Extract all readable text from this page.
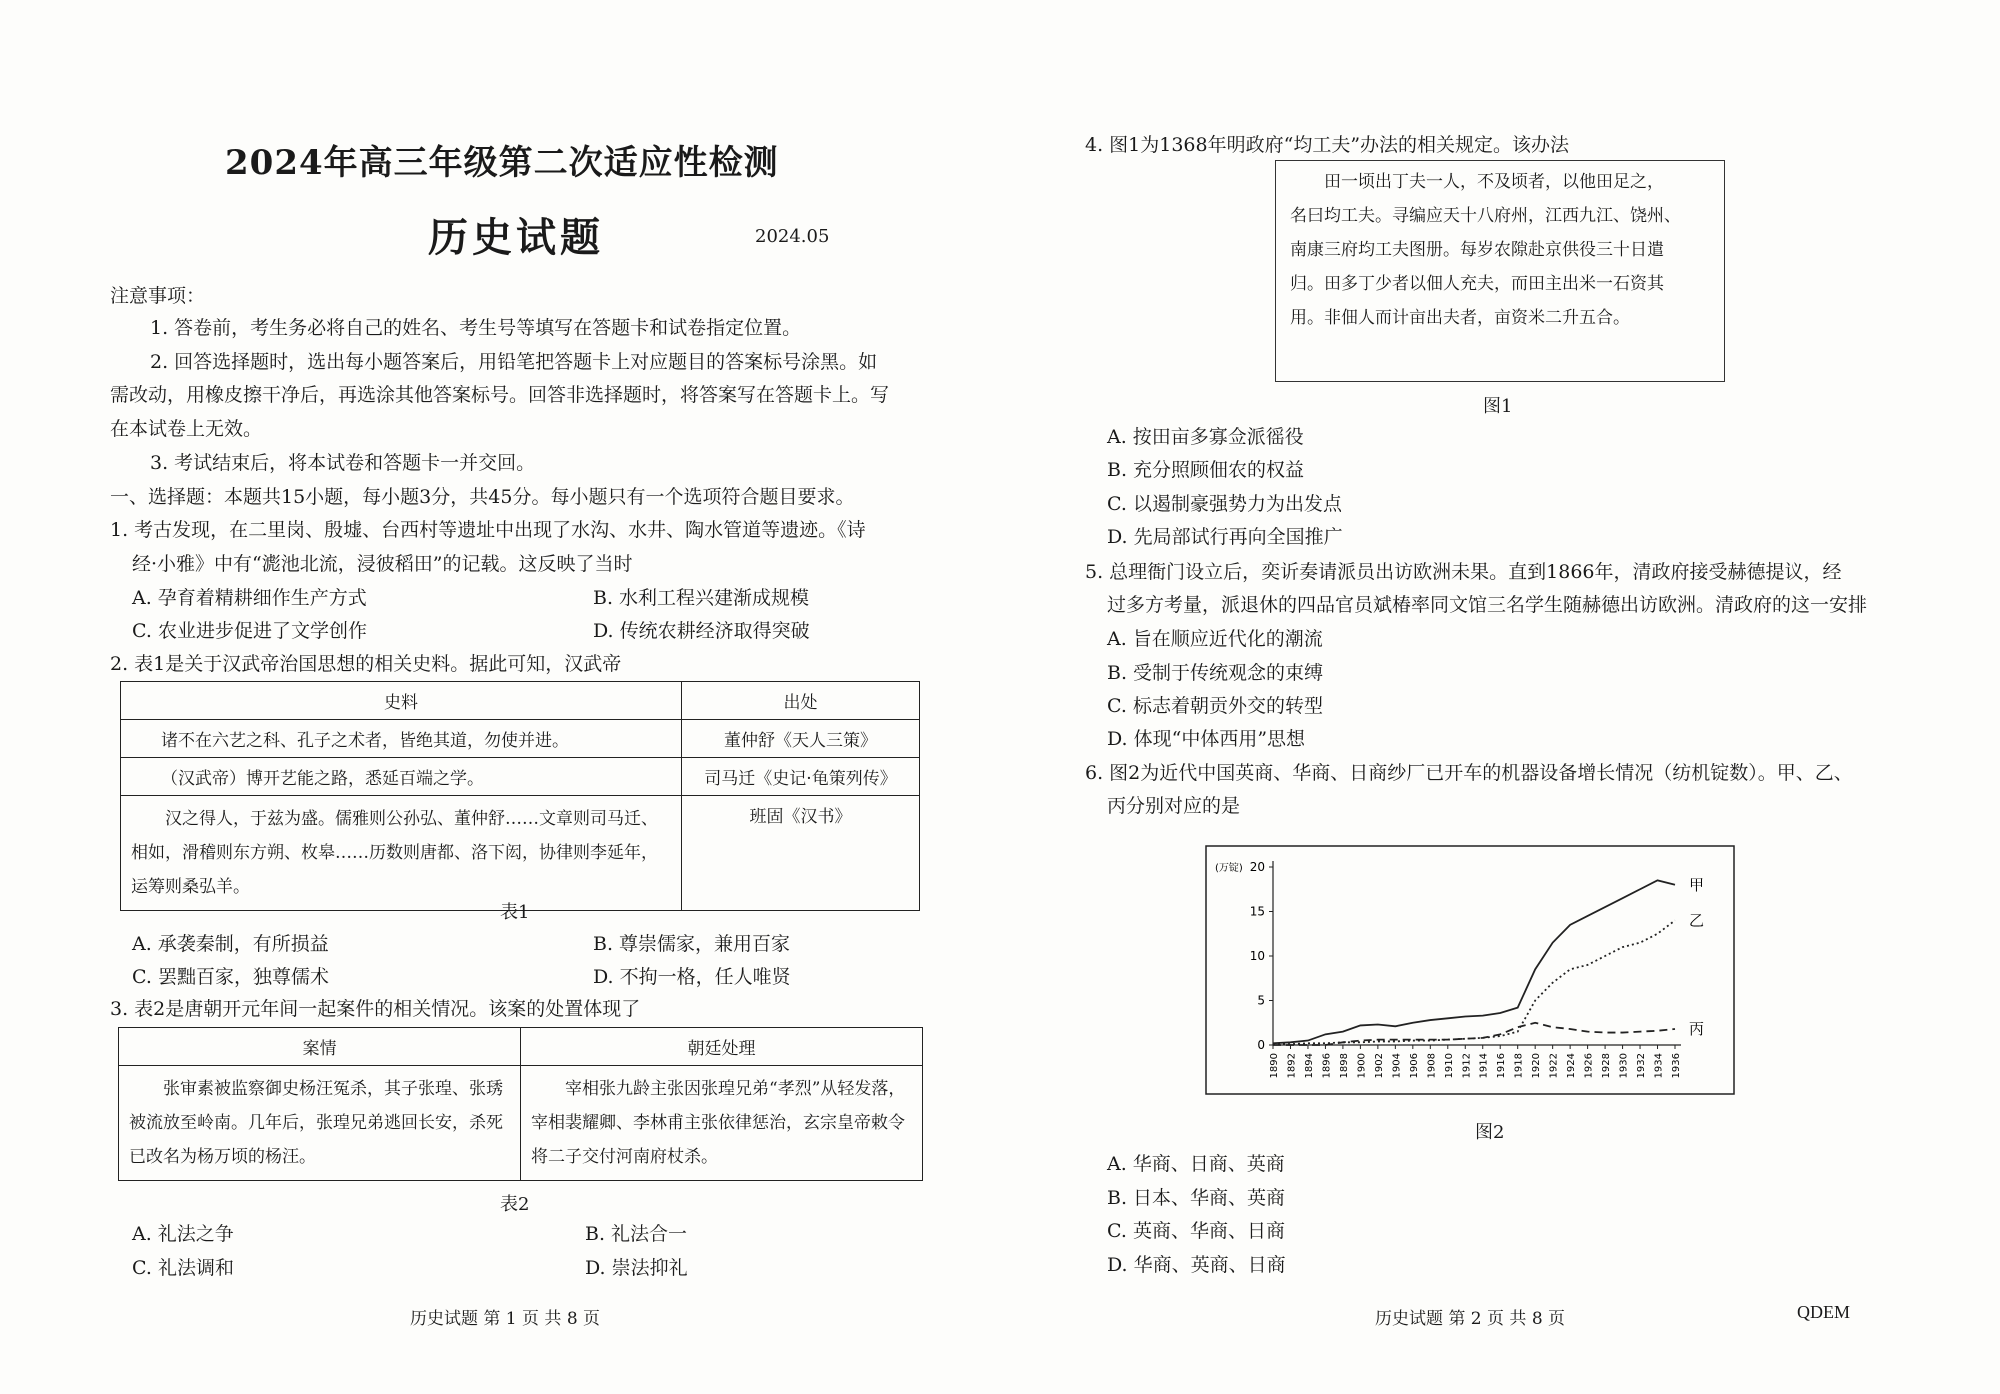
2024年高三年级第二次适应性检测
历史试题	2024.05
注意事项：
1. 答卷前，考生务必将自己的姓名、考生号等填写在答题卡和试卷指定位置。
2. 回答选择题时，选出每小题答案后，用铅笔把答题卡上对应题目的答案标号涂黑。如
需改动，用橡皮擦干净后，再选涂其他答案标号。回答非选择题时，将答案写在答题卡上。写
在本试卷上无效。
3. 考试结束后，将本试卷和答题卡一并交回。
一、选择题：本题共15小题，每小题3分，共45分。每小题只有一个选项符合题目要求。
1. 考古发现，在二里岗、殷墟、台西村等遗址中出现了水沟、水井、陶水管道等遗迹。《诗
经·小雅》中有“滮池北流，浸彼稻田”的记载。这反映了当时
A. 孕育着精耕细作生产方式	B. 水利工程兴建渐成规模
C. 农业进步促进了文学创作	D. 传统农耕经济取得突破
2. 表1是关于汉武帝治国思想的相关史料。据此可知，汉武帝
史料	出处
诸不在六艺之科、孔子之术者，皆绝其道，勿使并进。	董仲舒《天人三策》
（汉武帝）博开艺能之路，悉延百端之学。	司马迁《史记·龟策列传》
汉之得人，于兹为盛。儒雅则公孙弘、董仲舒……文章则司马迁、相如，滑稽则东方朔、枚皋……历数则唐都、洛下闳，协律则李延年，运筹则桑弘羊。	班固《汉书》
表1
A. 承袭秦制，有所损益	B. 尊崇儒家，兼用百家
C. 罢黜百家，独尊儒术	D. 不拘一格，任人唯贤
3. 表2是唐朝开元年间一起案件的相关情况。该案的处置体现了
案情	朝廷处理
张审素被监察御史杨汪冤杀，其子张瑝、张琇被流放至岭南。几年后，张瑝兄弟逃回长安，杀死已改名为杨万顷的杨汪。	宰相张九龄主张因张瑝兄弟“孝烈”从轻发落，宰相裴耀卿、李林甫主张依律惩治，玄宗皇帝敕令将二子交付河南府杖杀。
表2
A. 礼法之争	B. 礼法合一
C. 礼法调和	D. 崇法抑礼
历史试题 第 1 页 共 8 页
4. 图1为1368年明政府“均工夫”办法的相关规定。该办法
田一顷出丁夫一人，不及顷者，以他田足之，
名曰均工夫。寻编应天十八府州，江西九江、饶州、
南康三府均工夫图册。每岁农隙赴京供役三十日遣
归。田多丁少者以佃人充夫，而田主出米一石资其
用。非佃人而计亩出夫者，亩资米二升五合。
图1
A. 按田亩多寡佥派徭役
B. 充分照顾佃农的权益
C. 以遏制豪强势力为出发点
D. 先局部试行再向全国推广
5. 总理衙门设立后，奕䜣奏请派员出访欧洲未果。直到1866年，清政府接受赫德提议，经
过多方考量，派退休的四品官员斌椿率同文馆三名学生随赫德出访欧洲。清政府的这一安排
A. 旨在顺应近代化的潮流
B. 受制于传统观念的束缚
C. 标志着朝贡外交的转型
D. 体现“中体西用”思想
6. 图2为近代中国英商、华商、日商纱厂已开车的机器设备增长情况（纺机锭数）。甲、乙、
丙分别对应的是
(万锭)
0
5
10
15
20
1890 1892 1894 1896 1898 1900 1902 1904 1906 1908 1910 1912 1914 1916 1918 1920 1922 1924 1926 1928 1930 1932 1934 1936
甲
乙
丙
图2
A. 华商、日商、英商
B. 日本、华商、英商
C. 英商、华商、日商
D. 华商、英商、日商
历史试题 第 2 页 共 8 页	QDEM
